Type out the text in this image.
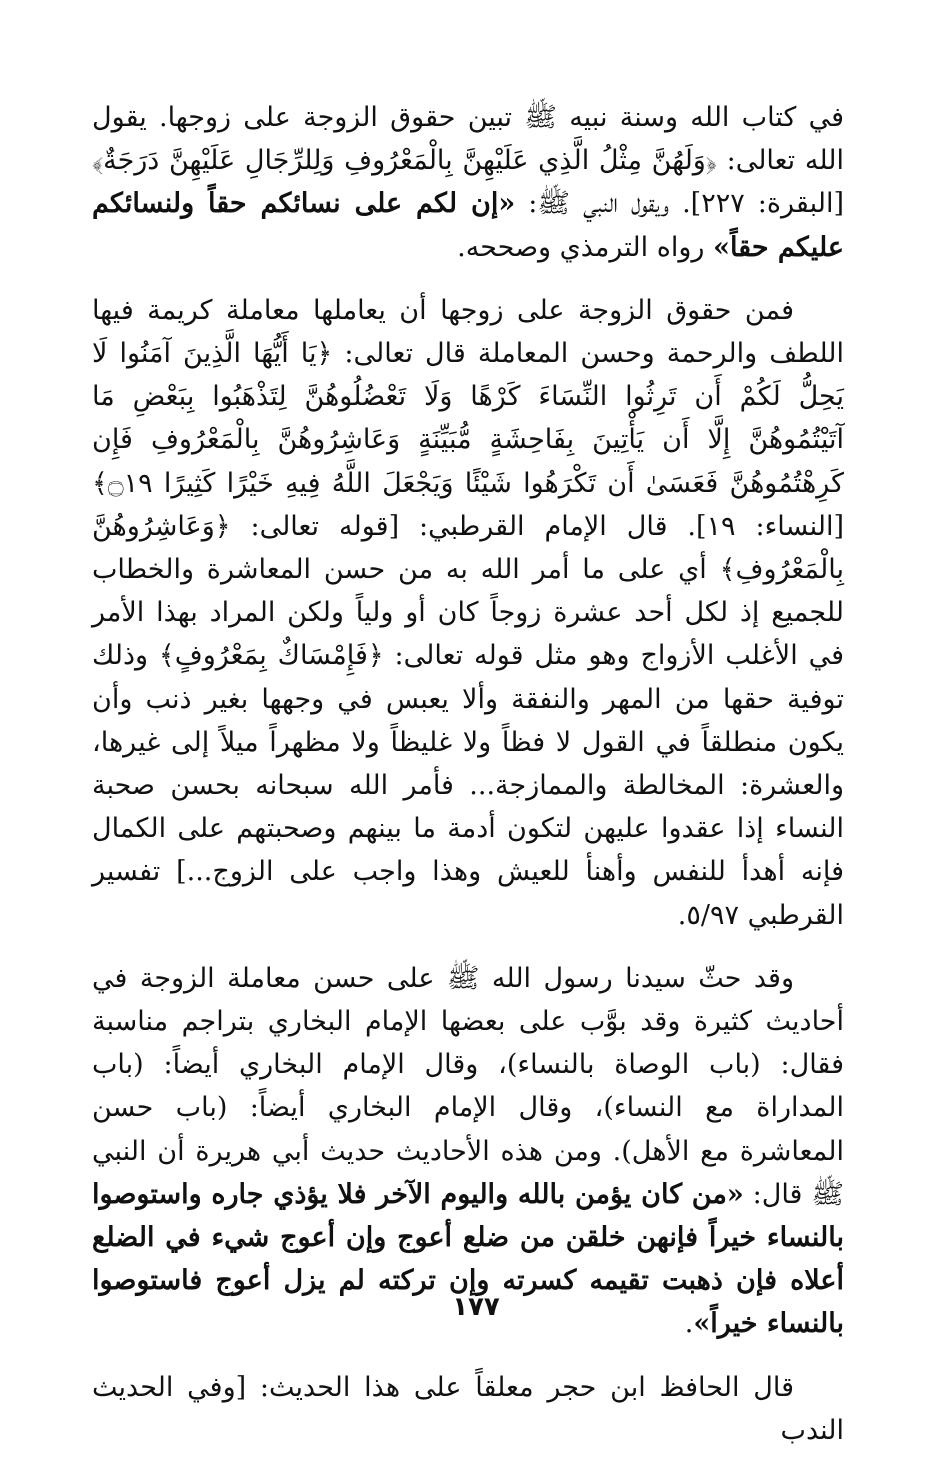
في كتاب الله وسنة نبيه ﷺ تبين حقوق الزوجة على زوجها. يقول الله تعالى: ﴿وَلَهُنَّ مِثْلُ الَّذِي عَلَيْهِنَّ بِالْمَعْرُوفِ وَلِلرِّجَالِ عَلَيْهِنَّ دَرَجَةٌ﴾ [البقرة: ٢٢٧]. ويقول النبي ﷺ: «إن لكم على نسائكم حقاً ولنسائكم عليكم حقاً» رواه الترمذي وصححه.

فمن حقوق الزوجة على زوجها أن يعاملها معاملة كريمة فيها اللطف والرحمة وحسن المعاملة قال تعالى: ﴿يَا أَيُّهَا الَّذِينَ آمَنُوا لَا يَحِلُّ لَكُمْ أَن تَرِثُوا النِّسَاءَ كَرْهًا وَلَا تَعْضُلُوهُنَّ لِتَذْهَبُوا بِبَعْضِ مَا آتَيْتُمُوهُنَّ إِلَّا أَن يَأْتِينَ بِفَاحِشَةٍ مُّبَيِّنَةٍ وَعَاشِرُوهُنَّ بِالْمَعْرُوفِ فَإِن كَرِهْتُمُوهُنَّ فَعَسَىٰ أَن تَكْرَهُوا شَيْئًا وَيَجْعَلَ اللَّهُ فِيهِ خَيْرًا كَثِيرًا ۝١٩﴾ [النساء: ١٩]. قال الإمام القرطبي: [قوله تعالى: ﴿وَعَاشِرُوهُنَّ بِالْمَعْرُوفِ﴾ أي على ما أمر الله به من حسن المعاشرة والخطاب للجميع إذ لكل أحد عشرة زوجاً كان أو ولياً ولكن المراد بهذا الأمر في الأغلب الأزواج وهو مثل قوله تعالى: ﴿فَإِمْسَاكٌ بِمَعْرُوفٍ﴾ وذلك توفية حقها من المهر والنفقة وألا يعبس في وجهها بغير ذنب وأن يكون منطلقاً في القول لا فظاً ولا غليظاً ولا مظهراً ميلاً إلى غيرها، والعشرة: المخالطة والممازجة... فأمر الله سبحانه بحسن صحبة النساء إذا عقدوا عليهن لتكون أدمة ما بينهم وصحبتهم على الكمال فإنه أهدأ للنفس وأهنأ للعيش وهذا واجب على الزوج...] تفسير القرطبي ٥/٩٧.

وقد حثّ سيدنا رسول الله ﷺ على حسن معاملة الزوجة في أحاديث كثيرة وقد بوَّب على بعضها الإمام البخاري بتراجم مناسبة فقال: (باب الوصاة بالنساء)، وقال الإمام البخاري أيضاً: (باب المداراة مع النساء)، وقال الإمام البخاري أيضاً: (باب حسن المعاشرة مع الأهل). ومن هذه الأحاديث حديث أبي هريرة أن النبي ﷺ قال: «من كان يؤمن بالله واليوم الآخر فلا يؤذي جاره واستوصوا بالنساء خيراً فإنهن خلقن من ضلع أعوج وإن أعوج شيء في الضلع أعلاه فإن ذهبت تقيمه كسرته وإن تركته لم يزل أعوج فاستوصوا بالنساء خيراً».

قال الحافظ ابن حجر معلقاً على هذا الحديث: [وفي الحديث الندب

١٧٧
